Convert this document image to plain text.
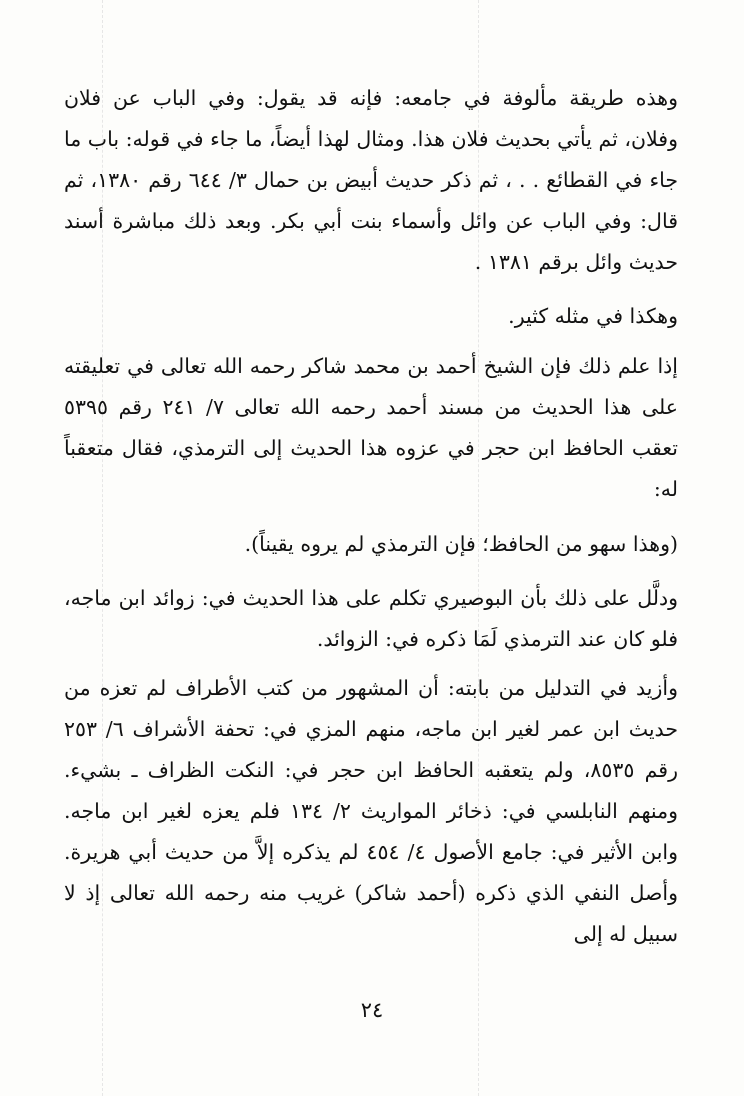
وهذه طريقة مألوفة في جامعه: فإنه قد يقول: وفي الباب عن فلان وفلان، ثم يأتي بحديث فلان هذا. ومثال لهذا أيضاً، ما جاء في قوله: باب ما جاء في القطائع . . ، ثم ذكر حديث أبيض بن حمال ٣/ ٦٤٤ رقم ١٣٨٠، ثم قال: وفي الباب عن وائل وأسماء بنت أبي بكر. وبعد ذلك مباشرة أسند حديث وائل برقم ١٣٨١ .

وهكذا في مثله كثير.

إذا علم ذلك فإن الشيخ أحمد بن محمد شاكر رحمه الله تعالى في تعليقته على هذا الحديث من مسند أحمد رحمه الله تعالى ٧/ ٢٤١ رقم ٥٣٩٥ تعقب الحافظ ابن حجر في عزوه هذا الحديث إلى الترمذي، فقال متعقباً له:

(وهذا سهو من الحافظ؛ فإن الترمذي لم يروه يقيناً).

ودلَّل على ذلك بأن البوصيري تكلم على هذا الحديث في: زوائد ابن ماجه، فلو كان عند الترمذي لَمَا ذكره في: الزوائد.

وأزيد في التدليل من بابته: أن المشهور من كتب الأطراف لم تعزه من حديث ابن عمر لغير ابن ماجه، منهم المزي في: تحفة الأشراف ٦/ ٢٥٣ رقم ٨٥٣٥، ولم يتعقبه الحافظ ابن حجر في: النكت الظراف ـ بشيء. ومنهم النابلسي في: ذخائر المواريث ٢/ ١٣٤ فلم يعزه لغير ابن ماجه. وابن الأثير في: جامع الأصول ٤/ ٤٥٤ لم يذكره إلاَّ من حديث أبي هريرة. وأصل النفي الذي ذكره (أحمد شاكر) غريب منه رحمه الله تعالى إذ لا سبيل له إلى

٢٤
